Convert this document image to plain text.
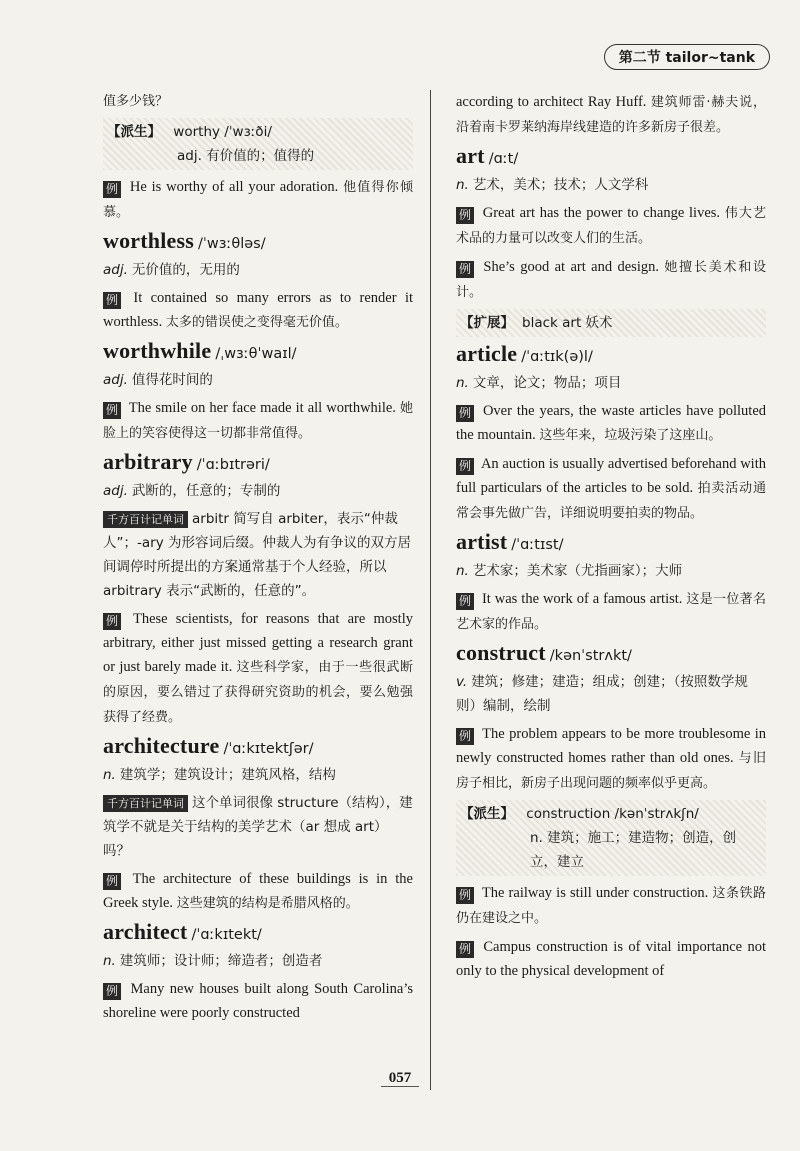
第二节 tailor~tank

值多少钱？

【派生】 worthy /ˈwɜːði/
adj. 有价值的；值得的

例 He is worthy of all your adoration. 他值得你倾慕。

worthless /ˈwɜːθləs/
adj. 无价值的，无用的

例 It contained so many errors as to render it worthless. 太多的错误使之变得毫无价值。

worthwhile /ˌwɜːθˈwaɪl/
adj. 值得花时间的

例 The smile on her face made it all worthwhile. 她脸上的笑容使得这一切都非常值得。

arbitrary /ˈɑːbɪtrəri/
adj. 武断的，任意的；专制的
千方百计记单词 arbitr 简写自 arbiter，表示“仲裁人”；-ary 为形容词后缀。仲裁人为有争议的双方居间调停时所提出的方案通常基于个人经验，所以 arbitrary 表示“武断的，任意的”。

例 These scientists, for reasons that are mostly arbitrary, either just missed getting a research grant or just barely made it. 这些科学家，由于一些很武断的原因，要么错过了获得研究资助的机会，要么勉强获得了经费。

architecture /ˈɑːkɪtektʃər/
n. 建筑学；建筑设计；建筑风格，结构
千方百计记单词 这个单词很像 structure（结构），建筑学不就是关于结构的美学艺术（ar 想成 art）吗？

例 The architecture of these buildings is in the Greek style. 这些建筑的结构是希腊风格的。

architect /ˈɑːkɪtekt/
n. 建筑师；设计师；缔造者；创造者

例 Many new houses built along South Carolina’s shoreline were poorly constructed

according to architect Ray Huff. 建筑师雷·赫夫说，沿着南卡罗莱纳海岸线建造的许多新房子很差。

art /ɑːt/
n. 艺术，美术；技术；人文学科

例 Great art has the power to change lives. 伟大艺术品的力量可以改变人们的生活。

例 She’s good at art and design. 她擅长美术和设计。

【扩展】 black art 妖术
article /ˈɑːtɪk(ə)l/
n. 文章，论文；物品；项目

例 Over the years, the waste articles have polluted the mountain. 这些年来，垃圾污染了这座山。

例 An auction is usually advertised beforehand with full particulars of the articles to be sold. 拍卖活动通常会事先做广告，详细说明要拍卖的物品。

artist /ˈɑːtɪst/
n. 艺术家；美术家（尤指画家）；大师

例 It was the work of a famous artist. 这是一位著名艺术家的作品。

construct /kənˈstrʌkt/
v. 建筑；修建；建造；组成；创建；（按照数学规则）编制，绘制

例 The problem appears to be more troublesome in newly constructed homes rather than old ones. 与旧房子相比，新房子出现问题的频率似乎更高。

【派生】 construction /kənˈstrʌkʃn/
n. 建筑；施工；建造物；创造，创立，建立

例 The railway is still under construction. 这条铁路仍在建设之中。

例 Campus construction is of vital importance not only to the physical development of

057
